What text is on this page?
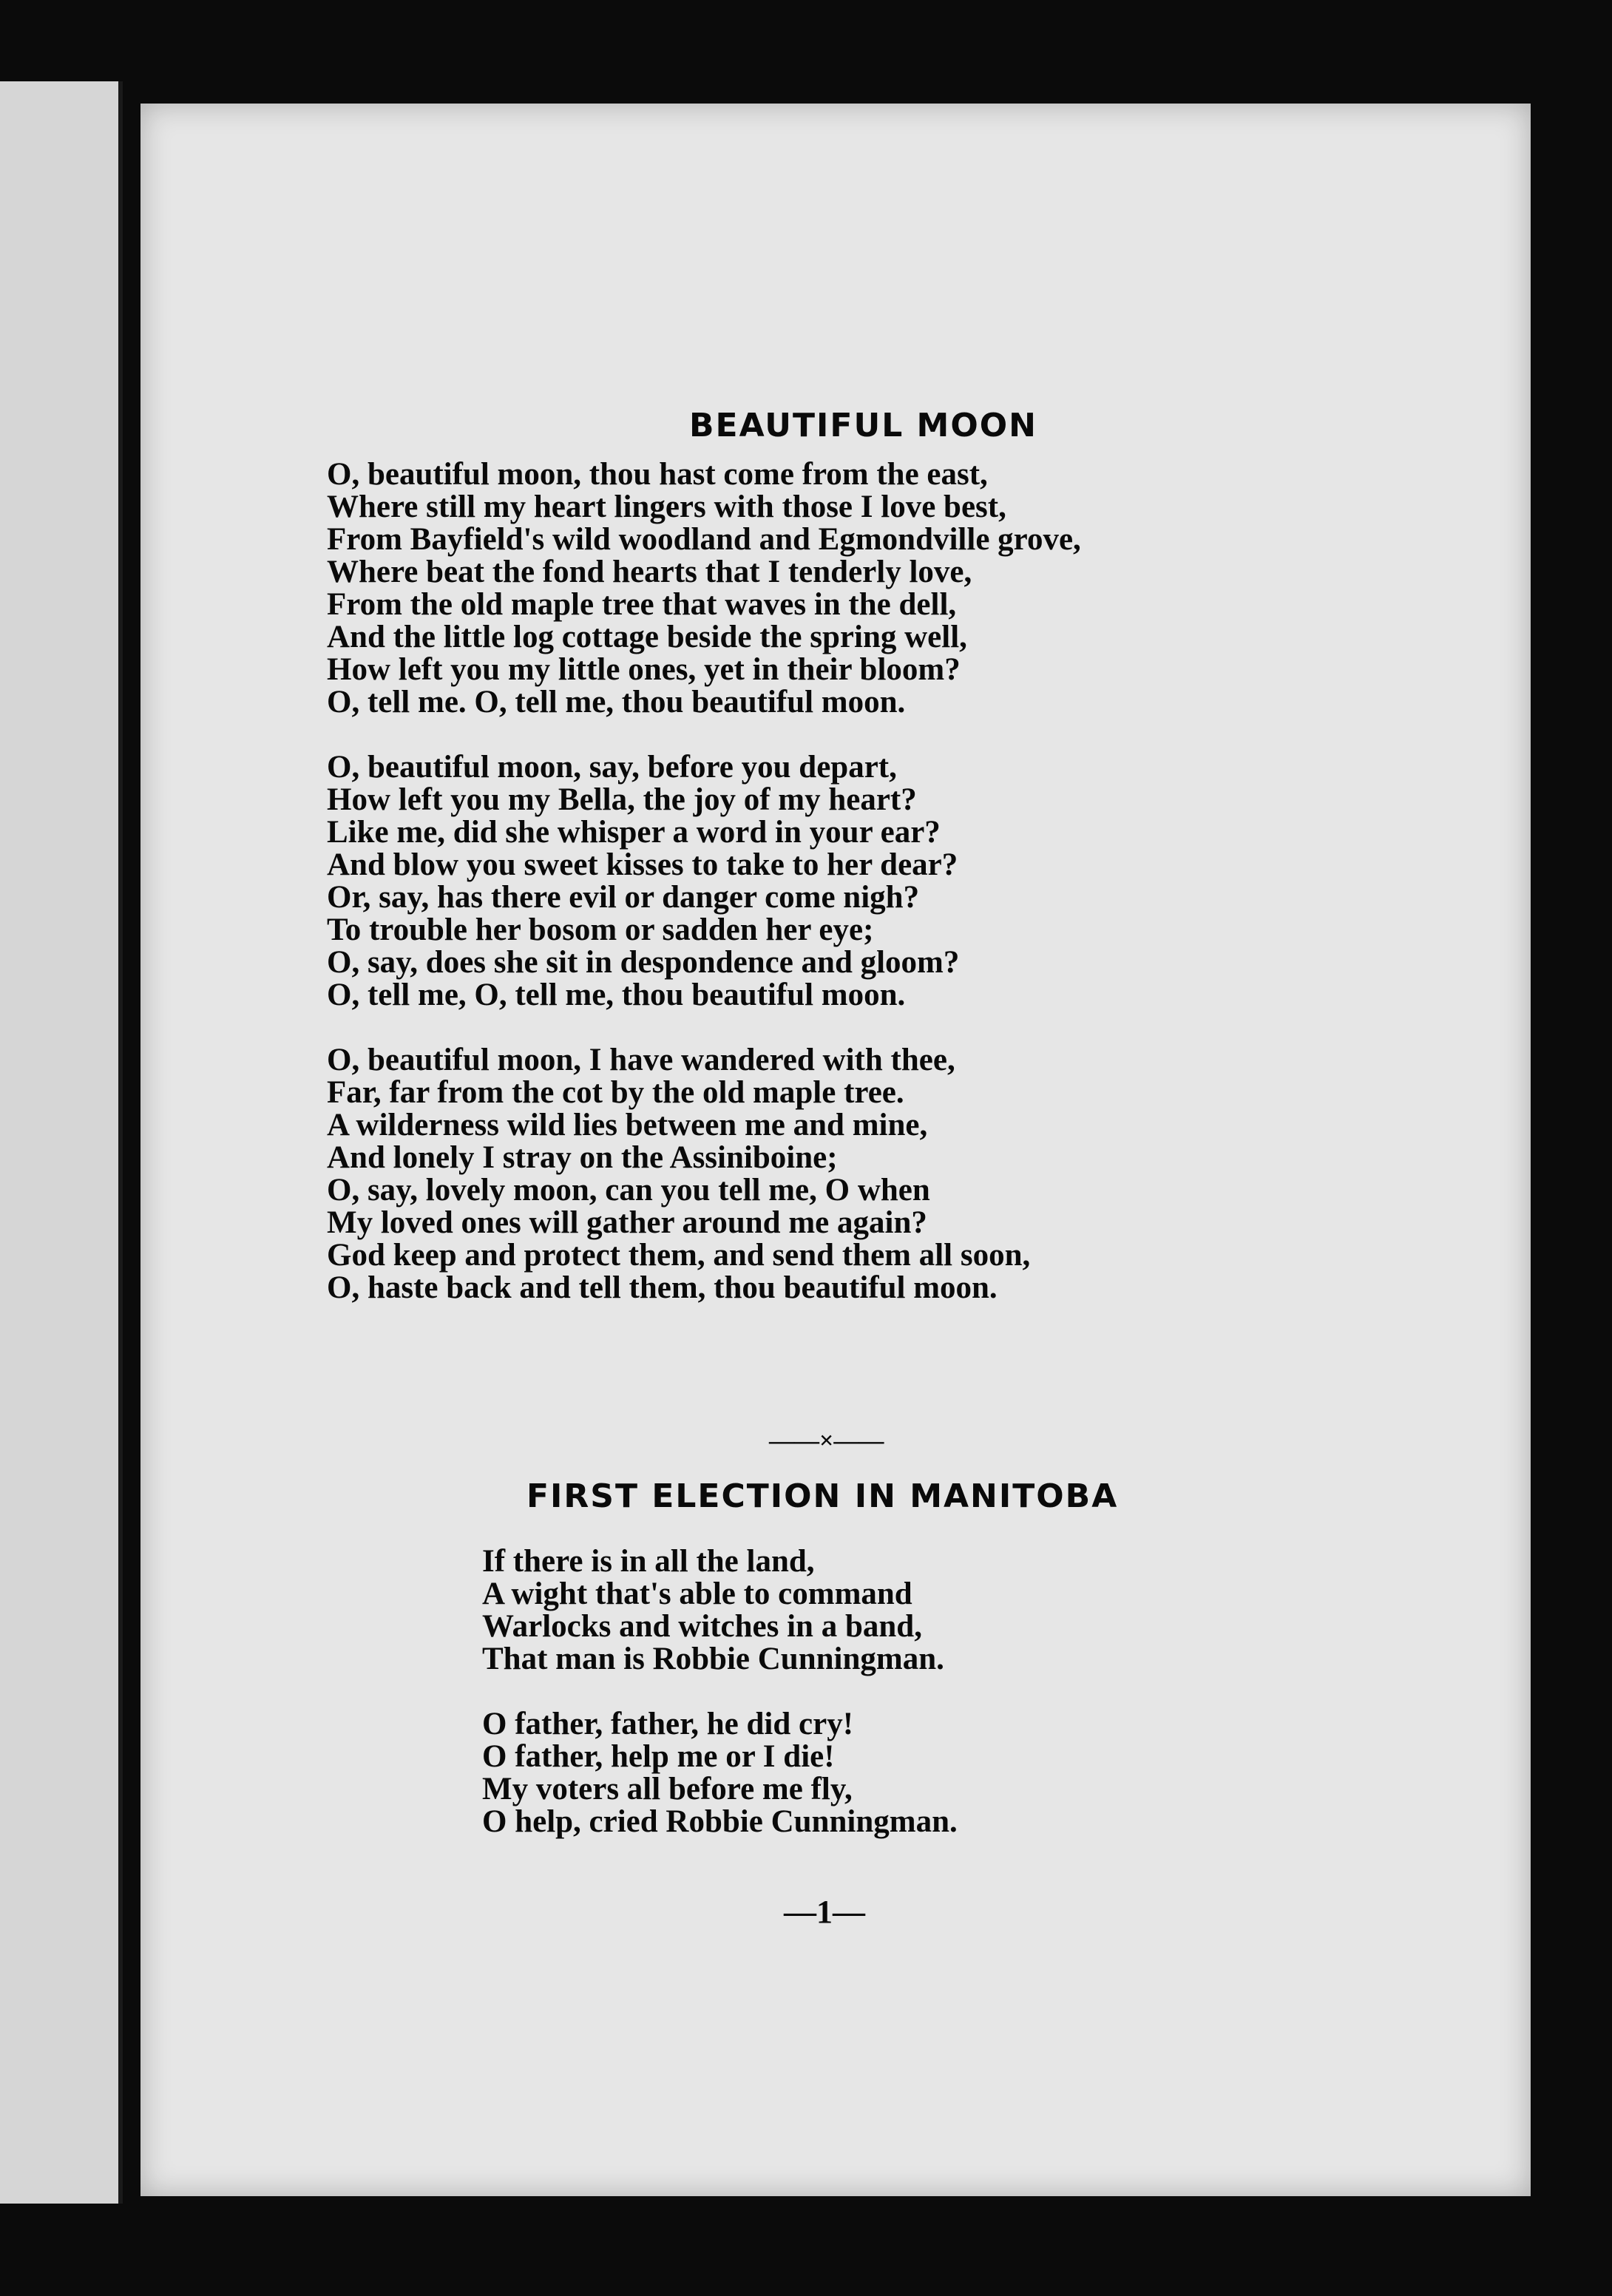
BEAUTIFUL MOON
O, beautiful moon, thou hast come from the east,
Where still my heart lingers with those I love best,
From Bayfield's wild woodland and Egmondville grove,
Where beat the fond hearts that I tenderly love,
From the old maple tree that waves in the dell,
And the little log cottage beside the spring well,
How left you my little ones, yet in their bloom?
O, tell me. O, tell me, thou beautiful moon.
O, beautiful moon, say, before you depart,
How left you my Bella, the joy of my heart?
Like me, did she whisper a word in your ear?
And blow you sweet kisses to take to her dear?
Or, say, has there evil or danger come nigh?
To trouble her bosom or sadden her eye;
O, say, does she sit in despondence and gloom?
O, tell me, O, tell me, thou beautiful moon.
O, beautiful moon, I have wandered with thee,
Far, far from the cot by the old maple tree.
A wilderness wild lies between me and mine,
And lonely I stray on the Assiniboine;
O, say, lovely moon, can you tell me, O when
My loved ones will gather around me again?
God keep and protect them, and send them all soon,
O, haste back and tell them, thou beautiful moon.
——×——
FIRST ELECTION IN MANITOBA
If there is in all the land,
A wight that's able to command
Warlocks and witches in a band,
That man is Robbie Cunningman.
O father, father, he did cry!
O father, help me or I die!
My voters all before me fly,
O help, cried Robbie Cunningman.
—1—
